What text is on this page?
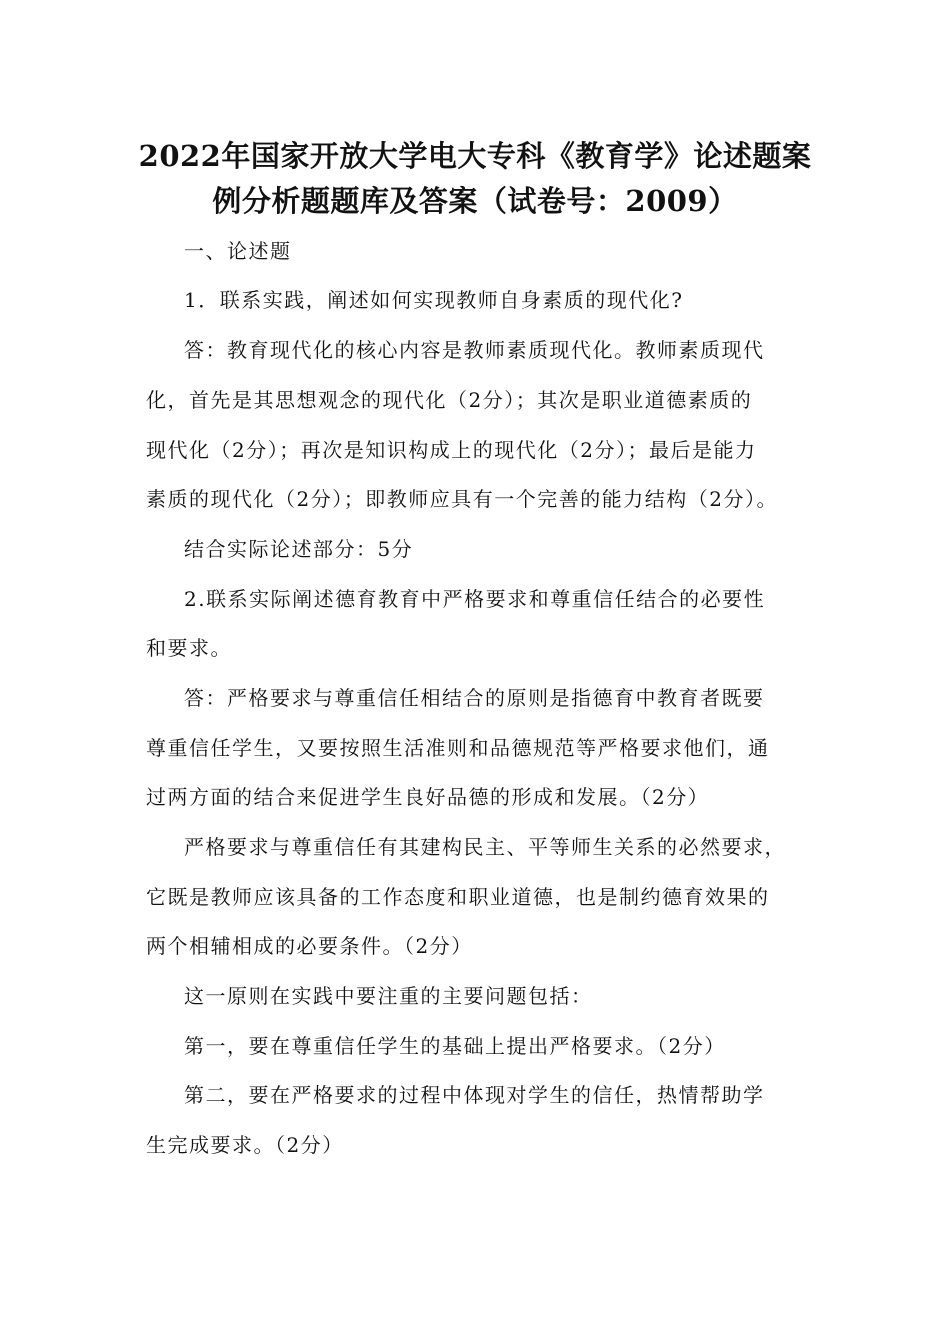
2022年国家开放大学电大专科《教育学》论述题案
例分析题题库及答案（试卷号：2009）
一、论述题
1．联系实践，阐述如何实现教师自身素质的现代化?
答：教育现代化的核心内容是教师素质现代化。教师素质现代
化，首先是其思想观念的现代化（2分）；其次是职业道德素质的
现代化（2分）；再次是知识构成上的现代化（2分）；最后是能力
素质的现代化（2分）；即教师应具有一个完善的能力结构（2分）。
结合实际论述部分：5分
2.联系实际阐述德育教育中严格要求和尊重信任结合的必要性
和要求。
答：严格要求与尊重信任相结合的原则是指德育中教育者既要
尊重信任学生，又要按照生活准则和品德规范等严格要求他们，通
过两方面的结合来促进学生良好品德的形成和发展。（2分）
严格要求与尊重信任有其建构民主、平等师生关系的必然要求，
它既是教师应该具备的工作态度和职业道德，也是制约德育效果的
两个相辅相成的必要条件。（2分）
这一原则在实践中要注重的主要问题包括：
第一，要在尊重信任学生的基础上提出严格要求。（2分）
第二，要在严格要求的过程中体现对学生的信任，热情帮助学
生完成要求。（2分）
